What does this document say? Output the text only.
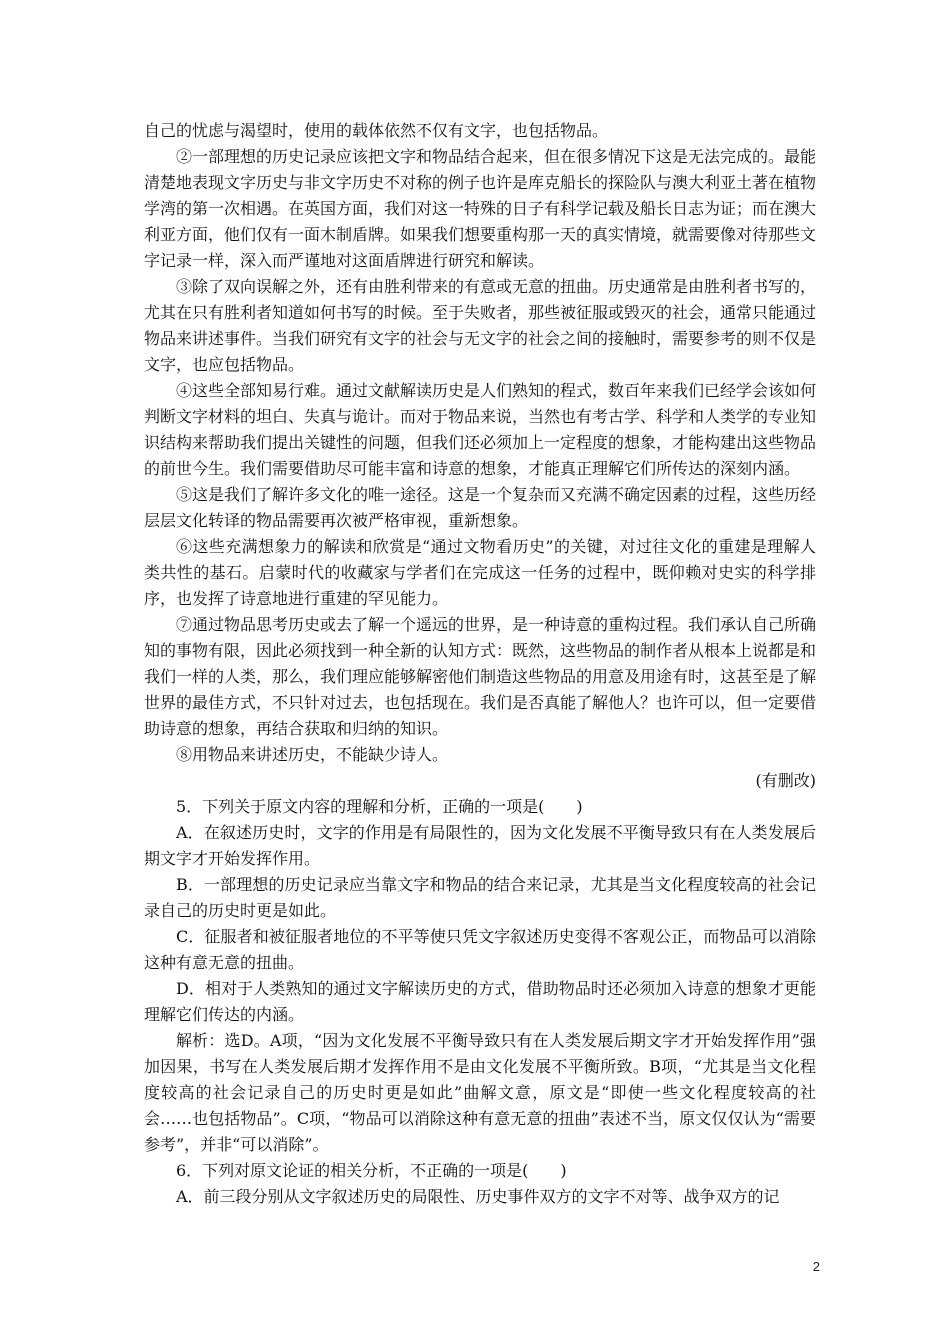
自己的忧虑与渴望时，使用的载体依然不仅有文字，也包括物品。

②一部理想的历史记录应该把文字和物品结合起来，但在很多情况下这是无法完成的。最能清楚地表现文字历史与非文字历史不对称的例子也许是库克船长的探险队与澳大利亚土著在植物学湾的第一次相遇。在英国方面，我们对这一特殊的日子有科学记载及船长日志为证；而在澳大利亚方面，他们仅有一面木制盾牌。如果我们想要重构那一天的真实情境，就需要像对待那些文字记录一样，深入而严谨地对这面盾牌进行研究和解读。

③除了双向误解之外，还有由胜利带来的有意或无意的扭曲。历史通常是由胜利者书写的，尤其在只有胜利者知道如何书写的时候。至于失败者，那些被征服或毁灭的社会，通常只能通过物品来讲述事件。当我们研究有文字的社会与无文字的社会之间的接触时，需要参考的则不仅是文字，也应包括物品。

④这些全部知易行难。通过文献解读历史是人们熟知的程式，数百年来我们已经学会该如何判断文字材料的坦白、失真与诡计。而对于物品来说，当然也有考古学、科学和人类学的专业知识结构来帮助我们提出关键性的问题，但我们还必须加上一定程度的想象，才能构建出这些物品的前世今生。我们需要借助尽可能丰富和诗意的想象，才能真正理解它们所传达的深刻内涵。

⑤这是我们了解许多文化的唯一途径。这是一个复杂而又充满不确定因素的过程，这些历经层层文化转译的物品需要再次被严格审视，重新想象。

⑥这些充满想象力的解读和欣赏是“通过文物看历史”的关键，对过往文化的重建是理解人类共性的基石。启蒙时代的收藏家与学者们在完成这一任务的过程中，既仰赖对史实的科学排序，也发挥了诗意地进行重建的罕见能力。

⑦通过物品思考历史或去了解一个遥远的世界，是一种诗意的重构过程。我们承认自己所确知的事物有限，因此必须找到一种全新的认知方式：既然，这些物品的制作者从根本上说都是和我们一样的人类，那么，我们理应能够解密他们制造这些物品的用意及用途有时，这甚至是了解世界的最佳方式，不只针对过去，也包括现在。我们是否真能了解他人？也许可以，但一定要借助诗意的想象，再结合获取和归纳的知识。

⑧用物品来讲述历史，不能缺少诗人。

(有删改)

5．下列关于原文内容的理解和分析，正确的一项是(　　)

A．在叙述历史时，文字的作用是有局限性的，因为文化发展不平衡导致只有在人类发展后期文字才开始发挥作用。

B．一部理想的历史记录应当靠文字和物品的结合来记录，尤其是当文化程度较高的社会记录自己的历史时更是如此。

C．征服者和被征服者地位的不平等使只凭文字叙述历史变得不客观公正，而物品可以消除这种有意无意的扭曲。

D．相对于人类熟知的通过文字解读历史的方式，借助物品时还必须加入诗意的想象才更能理解它们传达的内涵。

解析：选D。A项，“因为文化发展不平衡导致只有在人类发展后期文字才开始发挥作用”强加因果，书写在人类发展后期才发挥作用不是由文化发展不平衡所致。B项，“尤其是当文化程度较高的社会记录自己的历史时更是如此”曲解文意，原文是“即使一些文化程度较高的社会……也包括物品”。C项，“物品可以消除这种有意无意的扭曲”表述不当，原文仅仅认为“需要参考”，并非“可以消除”。

6．下列对原文论证的相关分析，不正确的一项是(　　)

A．前三段分别从文字叙述历史的局限性、历史事件双方的文字不对等、战争双方的记

2
